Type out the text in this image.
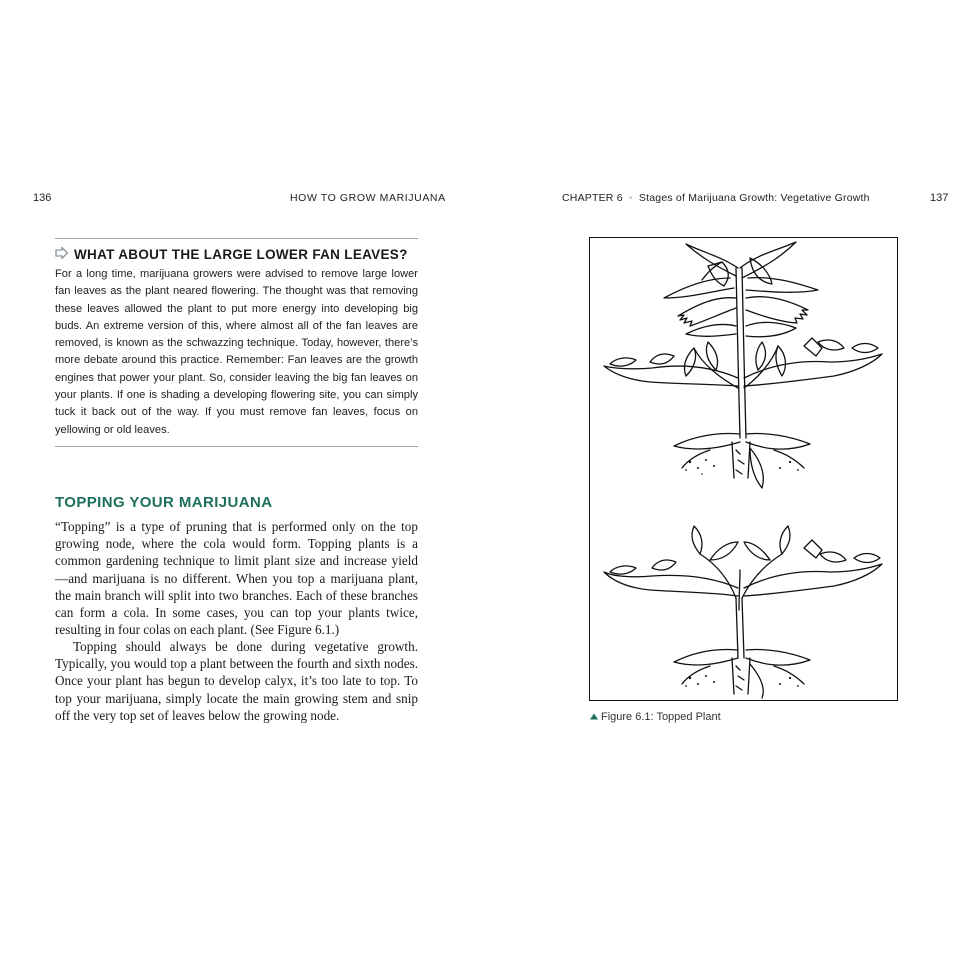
136	HOW TO GROW MARIJUANA	CHAPTER 6 ◦ Stages of Marijuana Growth: Vegetative Growth	137
WHAT ABOUT THE LARGE LOWER FAN LEAVES?
For a long time, marijuana growers were advised to remove large lower fan leaves as the plant neared flowering. The thought was that removing these leaves allowed the plant to put more energy into developing big buds. An extreme version of this, where almost all of the fan leaves are removed, is known as the schwazzing technique. Today, however, there’s more debate around this practice. Remember: Fan leaves are the growth engines that power your plant. So, consider leaving the big fan leaves on your plants. If one is shading a developing flowering site, you can simply tuck it back out of the way. If you must remove fan leaves, focus on yellowing or old leaves.
TOPPING YOUR MARIJUANA
“Topping” is a type of pruning that is performed only on the top growing node, where the cola would form. Topping plants is a common gardening technique to limit plant size and increase yield—and marijuana is no different. When you top a marijuana plant, the main branch will split into two branches. Each of these branches can form a cola. In some cases, you can top your plants twice, resulting in four colas on each plant. (See Figure 6.1.)
Topping should always be done during vegetative growth. Typically, you would top a plant between the fourth and sixth nodes. Once your plant has begun to develop calyx, it’s too late to top. To top your marijuana, simply locate the main growing stem and snip off the very top set of leaves below the growing node.	Figure 6.1: Topped Plant
